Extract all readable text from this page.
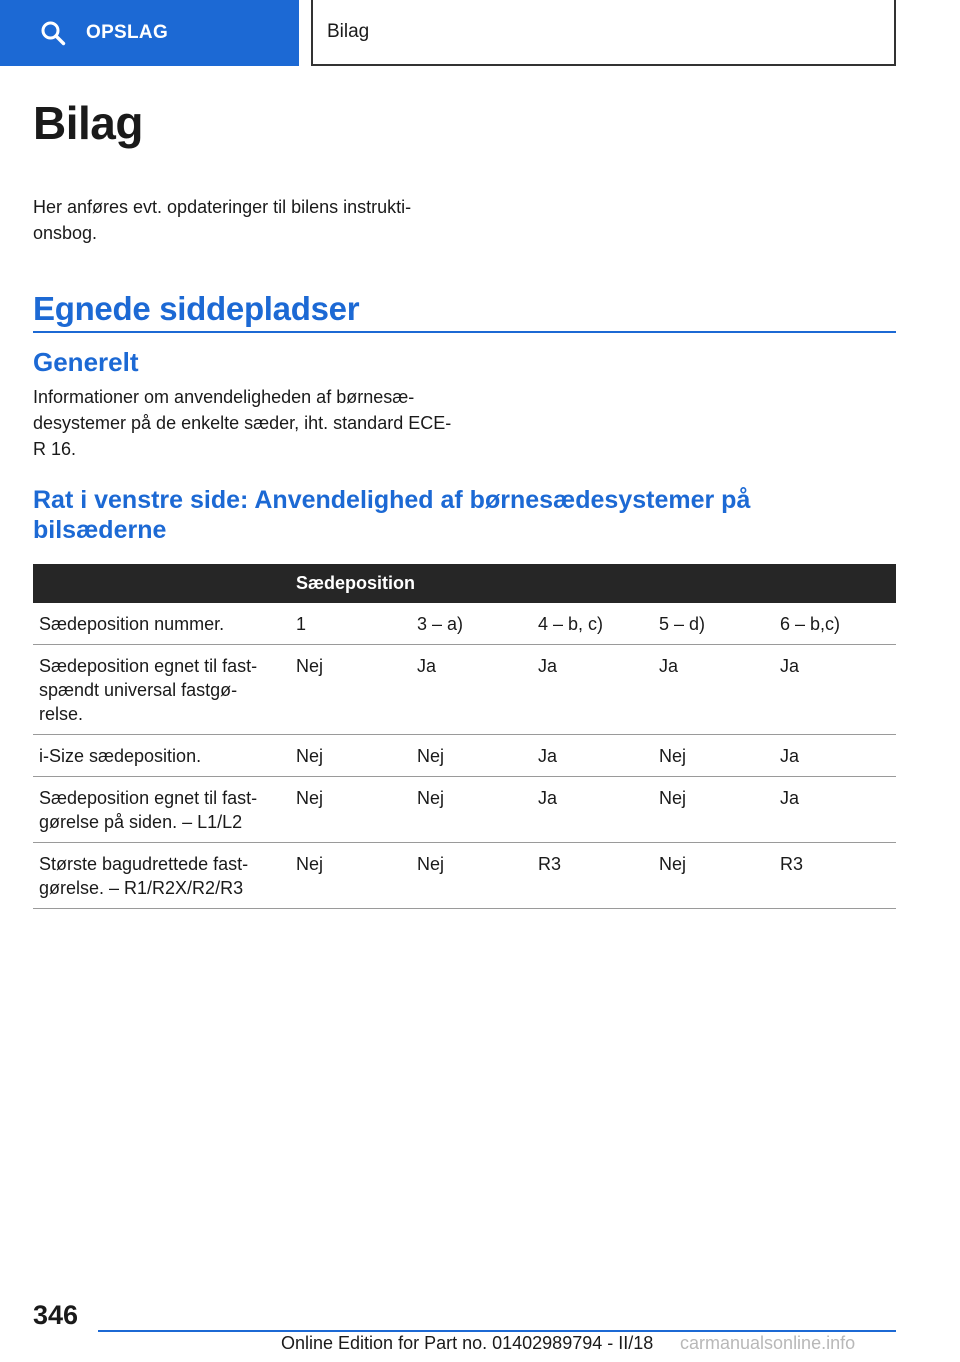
OPSLAG	Bilag
Bilag

Her anføres evt. opdateringer til bilens instrukti-onsbog.

Egnede siddepladser
Generelt

Informationer om anvendeligheden af børnesæ-desystemer på de enkelte sæder, iht. standard ECE-R 16.

Rat i venstre side: Anvendelighed af børnesædesystemer på bilsæderne
Sædeposition					
Sædeposition nummer.	1	3 – a)	4 – b, c)	5 – d)	6 – b,c)
Sædeposition egnet til fast-spændt universal fastgø-relse.	Nej	Ja	Ja	Ja	Ja
i-Size sædeposition.	Nej	Nej	Ja	Nej	Ja
Sædeposition egnet til fast-gørelse på siden. – L1/L2	Nej	Nej	Ja	Nej	Ja
Største bagudrettede fast-gørelse. – R1/R2X/R2/R3	Nej	Nej	R3	Nej	R3
346
Online Edition for Part no. 01402989794 - II/18 carmanualsonline.info
